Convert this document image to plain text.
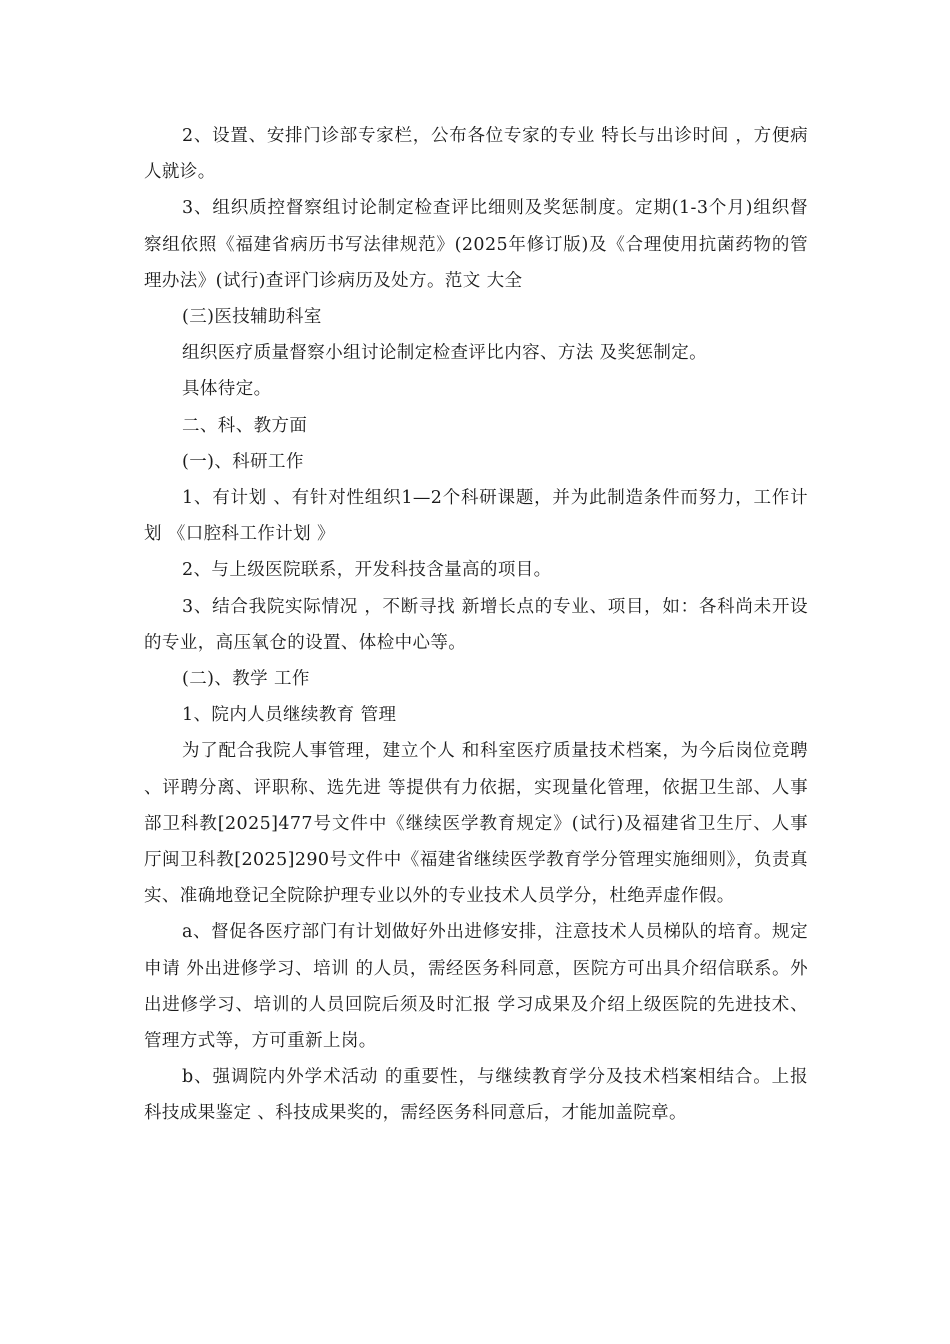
2、设置、安排门诊部专家栏，公布各位专家的专业 特长与出诊时间 ，方便病人就诊。

3、组织质控督察组讨论制定检查评比细则及奖惩制度。定期(1-3个月)组织督察组依照《福建省病历书写法律规范》(2025年修订版)及《合理使用抗菌药物的管理办法》(试行)查评门诊病历及处方。范文 大全

(三)医技辅助科室

组织医疗质量督察小组讨论制定检查评比内容、方法 及奖惩制定。

具体待定。

二、科、教方面

(一)、科研工作

1、有计划 、有针对性组织1—2个科研课题，并为此制造条件而努力，工作计划 《口腔科工作计划 》

2、与上级医院联系，开发科技含量高的项目。

3、结合我院实际情况 ，不断寻找 新增长点的专业、项目，如：各科尚未开设的专业，高压氧仓的设置、体检中心等。

(二)、教学 工作

1、院内人员继续教育 管理

为了配合我院人事管理，建立个人 和科室医疗质量技术档案，为今后岗位竞聘 、评聘分离、评职称、选先进 等提供有力依据，实现量化管理，依据卫生部、人事部卫科教[2025]477号文件中《继续医学教育规定》(试行)及福建省卫生厅、人事厅闽卫科教[2025]290号文件中《福建省继续医学教育学分管理实施细则》，负责真实、准确地登记全院除护理专业以外的专业技术人员学分，杜绝弄虚作假。

a、督促各医疗部门有计划做好外出进修安排，注意技术人员梯队的培育。规定申请 外出进修学习、培训 的人员，需经医务科同意，医院方可出具介绍信联系。外出进修学习、培训的人员回院后须及时汇报 学习成果及介绍上级医院的先进技术、管理方式等，方可重新上岗。

b、强调院内外学术活动 的重要性，与继续教育学分及技术档案相结合。上报科技成果鉴定 、科技成果奖的，需经医务科同意后，才能加盖院章。
